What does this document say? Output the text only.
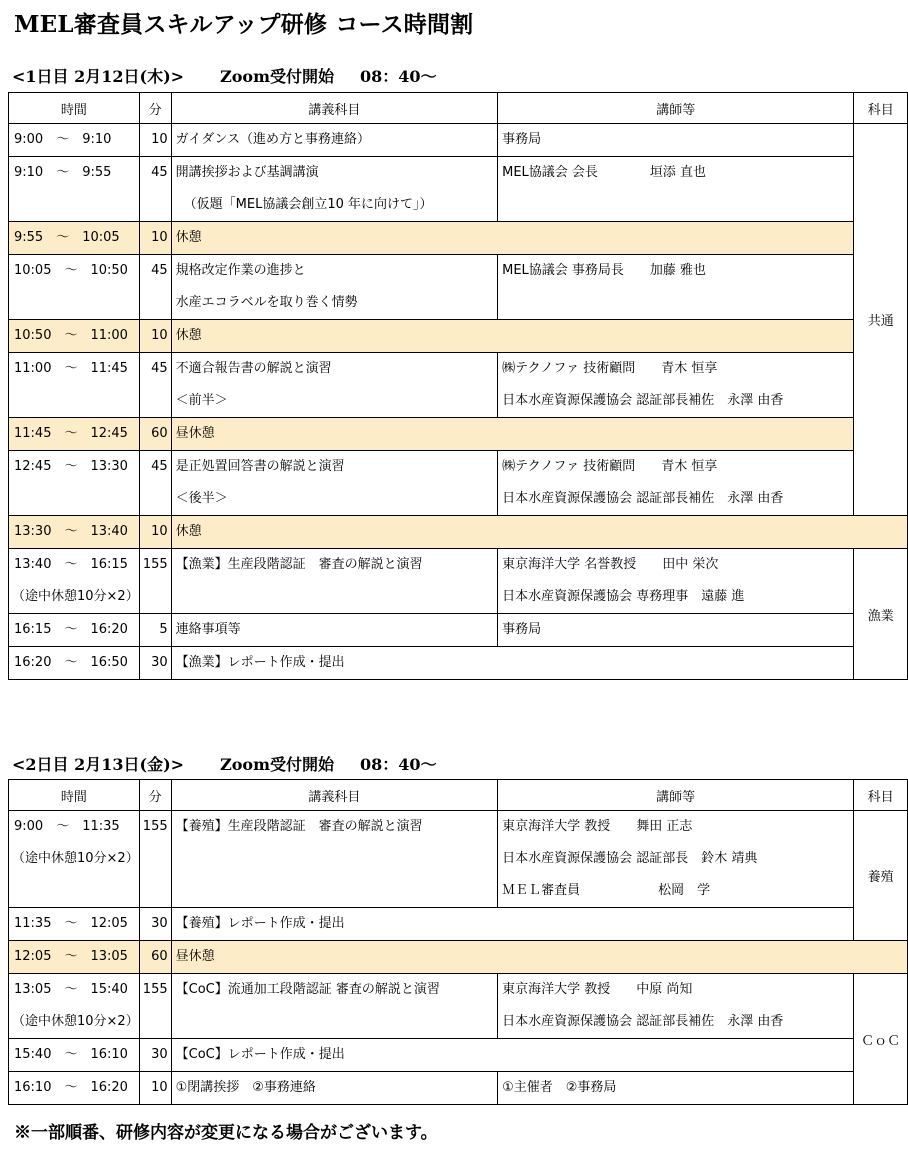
MEL審査員スキルアップ研修 コース時間割
<1日目 2月12日(木)> Zoom受付開始 08：40～
時間	分	講義科目	講師等	科目
9:00　～　9:10	10	ガイダンス（進め方と事務連絡）	事務局	共通
9:10　～　9:55	45	開講挨拶および基調講演	MEL協議会 会長　　　　垣添 直也	
		（仮題「MEL協議会創立10 年に向けて」）		
9:55　～　10:05	10	休憩		
10:05　～　10:50	45	規格改定作業の進捗と	MEL協議会 事務局長　　加藤 雅也	
		水産エコラベルを取り巻く情勢		
10:50　～　11:00	10	休憩		
11:00　～　11:45	45	不適合報告書の解説と演習	㈱テクノファ 技術顧問　　青木 恒享	
		＜前半＞	日本水産資源保護協会 認証部長補佐　永澤 由香	
11:45　～　12:45	60	昼休憩		
12:45　～　13:30	45	是正処置回答書の解説と演習	㈱テクノファ 技術顧問　　青木 恒享	
		＜後半＞	日本水産資源保護協会 認証部長補佐　永澤 由香	
13:30　～　13:40	10	休憩		

13:40　～　16:15
（途中休憩10分×2）	155	【漁業】生産段階認証　審査の解説と演習	東京海洋大学 名誉教授　　田中 栄次	漁業
			日本水産資源保護協会 専務理事　遠藤 進	
16:15　～　16:20	5	連絡事項等	事務局	
16:20　～　16:50	30	【漁業】レポート作成・提出		
<2日目 2月13日(金)> Zoom受付開始 08：40～
時間	分	講義科目	講師等	科目

9:00　～　11:35
（途中休憩10分×2）	155	【養殖】生産段階認証　審査の解説と演習	東京海洋大学 教授　　舞田 正志	養殖
			日本水産資源保護協会 認証部長　鈴木 靖典	
			ＭＥＬ審査員　　　　　　松岡　学	
11:35　～　12:05	30	【養殖】レポート作成・提出		
12:05　～　13:05	60	昼休憩		

13:05　～　15:40
（途中休憩10分×2）	155	【CoC】流通加工段階認証 審査の解説と演習	東京海洋大学 教授　　中原 尚知	ＣｏＣ
			日本水産資源保護協会 認証部長補佐　永澤 由香	
15:40　～　16:10	30	【CoC】レポート作成・提出		
16:10　～　16:20	10	①閉講挨拶　②事務連絡	①主催者　②事務局	
※一部順番、研修内容が変更になる場合がございます。
